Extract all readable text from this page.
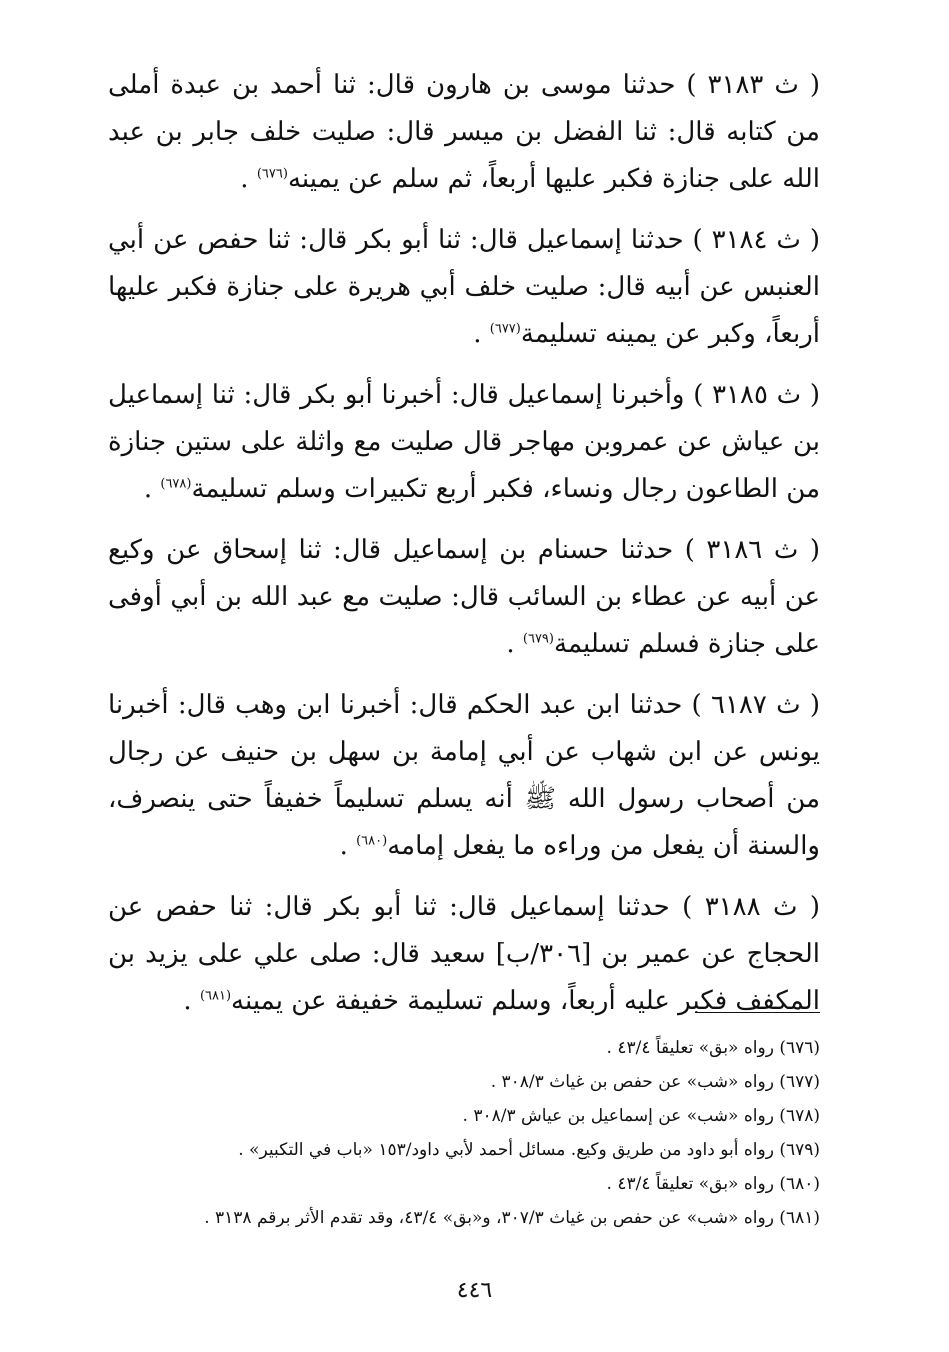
( ث ٣١٨٣ ) حدثنا موسى بن هارون قال: ثنا أحمد بن عبدة أملى من كتابه قال: ثنا الفضل بن ميسر قال: صليت خلف جابر بن عبد الله على جنازة فكبر عليها أربعاً، ثم سلم عن يمينه$^{(٦٧٦)}$ .

( ث ٣١٨٤ ) حدثنا إسماعيل قال: ثنا أبو بكر قال: ثنا حفص عن أبي العنبس عن أبيه قال: صليت خلف أبي هريرة على جنازة فكبر عليها أربعاً، وكبر عن يمينه تسليمة$^{(٦٧٧)}$ .

( ث ٣١٨٥ ) وأخبرنا إسماعيل قال: أخبرنا أبو بكر قال: ثنا إسماعيل بن عياش عن عمروبن مهاجر قال صليت مع واثلة على ستين جنازة من الطاعون رجال ونساء، فكبر أربع تكبيرات وسلم تسليمة$^{(٦٧٨)}$ .

( ث ٣١٨٦ ) حدثنا حسنام بن إسماعيل قال: ثنا إسحاق عن وكيع عن أبيه عن عطاء بن السائب قال: صليت مع عبد الله بن أبي أوفى على جنازة فسلم تسليمة$^{(٦٧٩)}$ .

( ث ٦١٨٧ ) حدثنا ابن عبد الحكم قال: أخبرنا ابن وهب قال: أخبرنا يونس عن ابن شهاب عن أبي إمامة بن سهل بن حنيف عن رجال من أصحاب رسول الله ﷺ أنه يسلم تسليماً خفيفاً حتى ينصرف، والسنة أن يفعل من وراءه ما يفعل إمامه$^{(٦٨٠)}$ .

( ث ٣١٨٨ ) حدثنا إسماعيل قال: ثنا أبو بكر قال: ثنا حفص عن الحجاج عن عمير بن [٣٠٦/ب] سعيد قال: صلى علي على يزيد بن المكفف فكبر عليه أربعاً، وسلم تسليمة خفيفة عن يمينه$^{(٦٨١)}$ .

(٦٧٦) رواه «بق» تعليقاً ٤٣/٤ .

(٦٧٧) رواه «شب» عن حفص بن غياث ٣٠٨/٣ .

(٦٧٨) رواه «شب» عن إسماعيل بن عياش ٣٠٨/٣ .

(٦٧٩) رواه أبو داود من طريق وكيع. مسائل أحمد لأبي داود/١٥٣ «باب في التكبير» .

(٦٨٠) رواه «بق» تعليقاً ٤٣/٤ .

(٦٨١) رواه «شب» عن حفص بن غياث ٣٠٧/٣، و«بق» ٤٣/٤، وقد تقدم الأثر برقم ٣١٣٨ .

٤٤٦
